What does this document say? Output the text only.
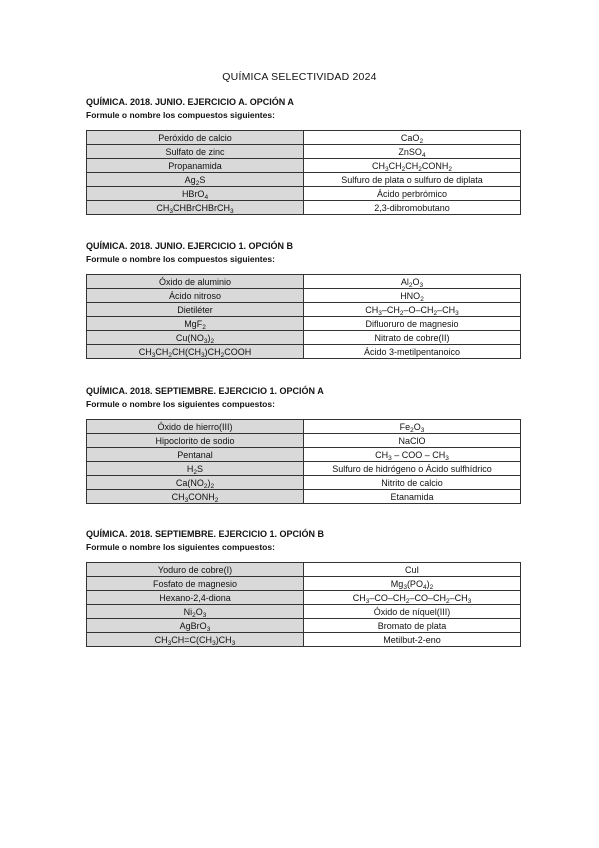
QUÍMICA SELECTIVIDAD 2024
QUÍMICA. 2018. JUNIO. EJERCICIO A. OPCIÓN A
Formule o nombre los compuestos siguientes:
Peróxido de calcio	CaO$_2$
Sulfato de zinc	ZnSO$_4$
Propanamida	$CH_3CH_2CH_2CONH_2$
$Ag_2S$	Sulfuro de plata o sulfuro de diplata
HBrO$_4$	Ácido perbrómico
$CH_3CHBrCHBrCH_3$	2,3-dibromobutano
QUÍMICA. 2018. JUNIO. EJERCICIO 1. OPCIÓN B
Formule o nombre los compuestos siguientes:
Óxido de aluminio	$Al_2O_3$
Ácido nitroso	$HNO_2$
Dietiléter	$CH_3-CH_2-O-CH_2-CH_3$
MgF$_2$	Difluoruro de magnesio
$Cu(NO_3)_2$	Nitrato de cobre(II)
$CH_3CH_2CH(CH_3)CH_2COOH$	Ácido 3-metilpentanoico
QUÍMICA. 2018. SEPTIEMBRE. EJERCICIO 1. OPCIÓN A
Formule o nombre los siguientes compuestos:
Óxido de hierro(III)	$Fe_2O_3$
Hipoclorito de sodio	NaClO
Pentanal	$CH_3$ – COO – $CH_3$
$H_2S$	Sulfuro de hidrógeno o Ácido sulfhídrico
$Ca(NO_2)_2$	Nitrito de calcio
$CH_3CONH_2$	Etanamida
QUÍMICA. 2018. SEPTIEMBRE. EJERCICIO 1. OPCIÓN B
Formule o nombre los siguientes compuestos:
Yoduro de cobre(I)	CuI
Fosfato de magnesio	$Mg_3(PO_4)_2$
Hexano-2,4-diona	$CH_3-CO-CH_2-CO-CH_2-CH_3$
$Ni_2O_3$	Óxido de níquel(III)
AgBrO$_3$	Bromato de plata
$CH_3CH=C(CH_3)CH_3$	Metilbut-2-eno
